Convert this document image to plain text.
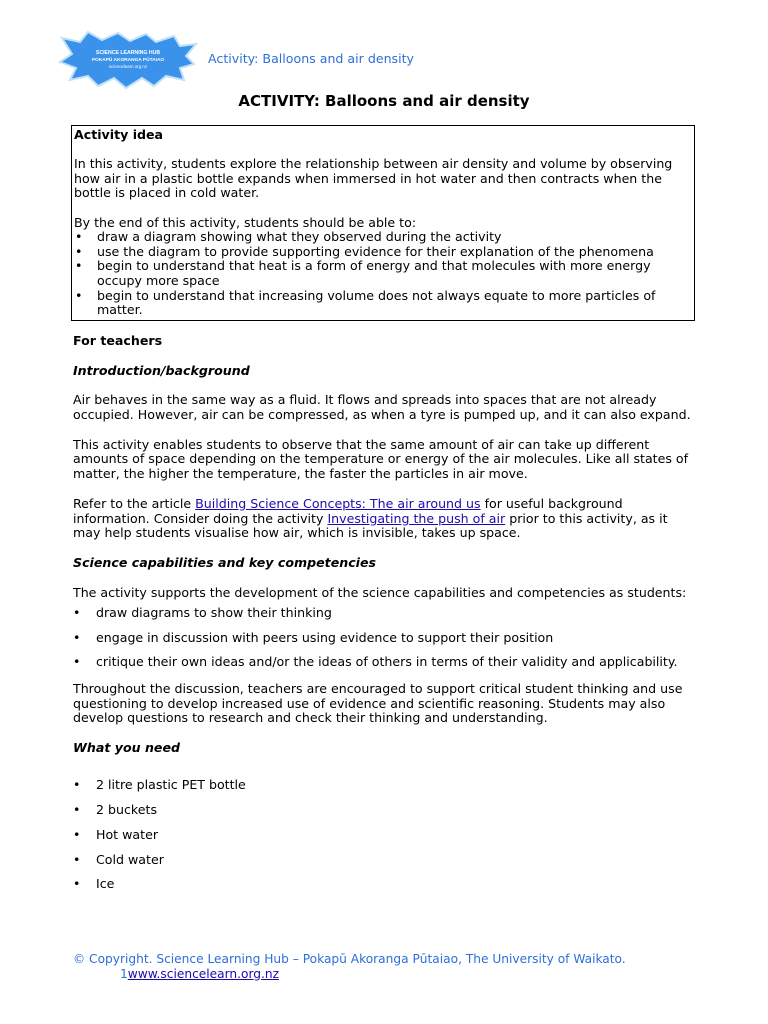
SCIENCE LEARNING HUB
POKAPŪ AKORANGA PŪTAIAO
sciencelearn.org.nz
Activity: Balloons and air density
ACTIVITY: Balloons and air density

Activity idea

In this activity, students explore the relationship between air density and volume by observing how air in a plastic bottle expands when immersed in hot water and then contracts when the bottle is placed in cold water.

By the end of this activity, students should be able to:

• draw a diagram showing what they observed during the activity
• use the diagram to provide supporting evidence for their explanation of the phenomena
• begin to understand that heat is a form of energy and that molecules with more energy occupy more space
• begin to understand that increasing volume does not always equate to more particles of matter.

For teachers

Introduction/background

Air behaves in the same way as a fluid. It flows and spreads into spaces that are not already occupied. However, air can be compressed, as when a tyre is pumped up, and it can also expand.

This activity enables students to observe that the same amount of air can take up different amounts of space depending on the temperature or energy of the air molecules. Like all states of matter, the higher the temperature, the faster the particles in air move.

Refer to the article Building Science Concepts: The air around us for useful background information. Consider doing the activity Investigating the push of air prior to this activity, as it may help students visualise how air, which is invisible, takes up space.

Science capabilities and key competencies

The activity supports the development of the science capabilities and competencies as students:

• draw diagrams to show their thinking
• engage in discussion with peers using evidence to support their position
• critique their own ideas and/or the ideas of others in terms of their validity and applicability.

Throughout the discussion, teachers are encouraged to support critical student thinking and use questioning to develop increased use of evidence and scientific reasoning. Students may also develop questions to research and check their thinking and understanding.

What you need

• 2 litre plastic PET bottle
• 2 buckets
• Hot water
• Cold water
• Ice
© Copyright. Science Learning Hub – Pokapū Akoranga Pūtaiao, The University of Waikato.
1www.sciencelearn.org.nz
